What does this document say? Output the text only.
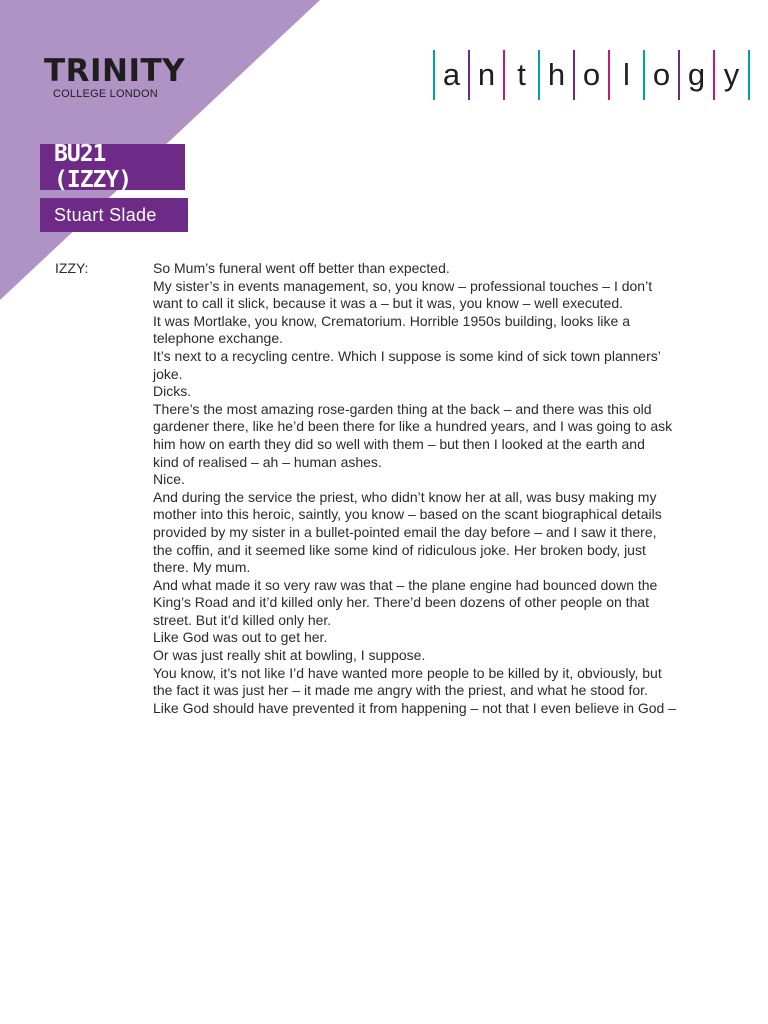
TRINITY
COLLEGE LONDON
a n t h o l o g y
BU21 (IZZY)
Stuart Slade
IZZY:	So Mum’s funeral went off better than expected.
My sister’s in events management, so, you know – professional touches – I don’t
want to call it slick, because it was a – but it was, you know – well executed.
It was Mortlake, you know, Crematorium. Horrible 1950s building, looks like a
telephone exchange.
It’s next to a recycling centre. Which I suppose is some kind of sick town planners’
joke.
Dicks.
There’s the most amazing rose-garden thing at the back – and there was this old
gardener there, like he’d been there for like a hundred years, and I was going to ask
him how on earth they did so well with them – but then I looked at the earth and
kind of realised – ah – human ashes.
Nice.
And during the service the priest, who didn’t know her at all, was busy making my
mother into this heroic, saintly, you know – based on the scant biographical details
provided by my sister in a bullet-pointed email the day before – and I saw it there,
the coffin, and it seemed like some kind of ridiculous joke. Her broken body, just
there. My mum.
And what made it so very raw was that – the plane engine had bounced down the
King’s Road and it’d killed only her. There’d been dozens of other people on that
street. But it’d killed only her.
Like God was out to get her.
Or was just really shit at bowling, I suppose.
You know, it’s not like I’d have wanted more people to be killed by it, obviously, but
the fact it was just her – it made me angry with the priest, and what he stood for.
Like God should have prevented it from happening – not that I even believe in God –
